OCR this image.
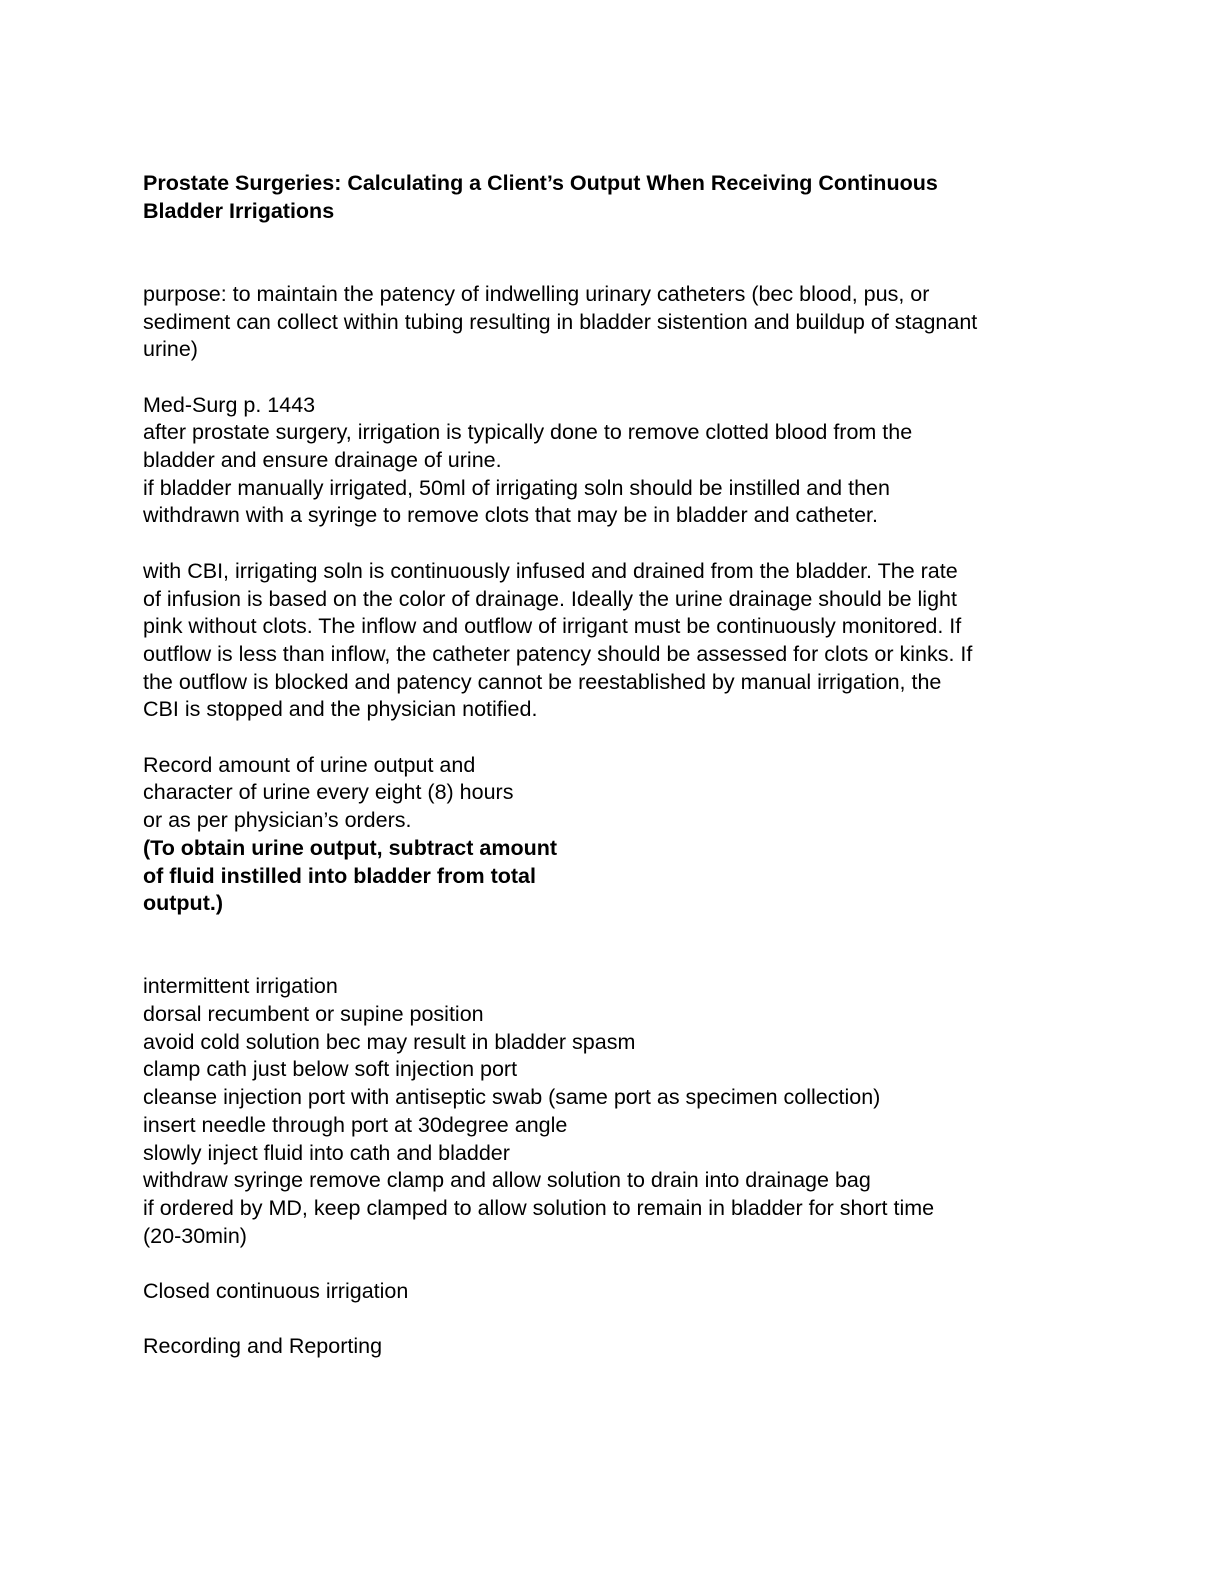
Prostate Surgeries: Calculating a Client’s Output When Receiving Continuous
Bladder Irrigations
purpose: to maintain the patency of indwelling urinary catheters (bec blood, pus, or
sediment can collect within tubing resulting in bladder sistention and buildup of stagnant
urine)
Med-Surg p. 1443
after prostate surgery, irrigation is typically done to remove clotted blood from the
bladder and ensure drainage of urine.
if bladder manually irrigated, 50ml of irrigating soln should be instilled and then
withdrawn with a syringe to remove clots that may be in bladder and catheter.
with CBI, irrigating soln is continuously infused and drained from the bladder. The rate
of infusion is based on the color of drainage. Ideally the urine drainage should be light
pink without clots. The inflow and outflow of irrigant must be continuously monitored. If
outflow is less than inflow, the catheter patency should be assessed for clots or kinks. If
the outflow is blocked and patency cannot be reestablished by manual irrigation, the
CBI is stopped and the physician notified.
Record amount of urine output and
character of urine every eight (8) hours
or as per physician’s orders.
(To obtain urine output, subtract amount
of fluid instilled into bladder from total
output.)
intermittent irrigation
dorsal recumbent or supine position
avoid cold solution bec may result in bladder spasm
clamp cath just below soft injection port
cleanse injection port with antiseptic swab (same port as specimen collection)
insert needle through port at 30degree angle
slowly inject fluid into cath and bladder
withdraw syringe remove clamp and allow solution to drain into drainage bag
if ordered by MD, keep clamped to allow solution to remain in bladder for short time
(20-30min)
Closed continuous irrigation
Recording and Reporting
